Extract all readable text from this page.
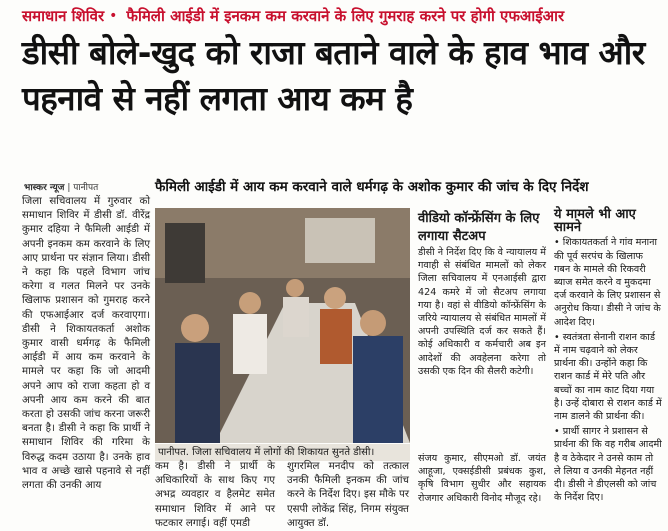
समाधान शिविर • फैमिली आईडी में इनकम कम करवाने के लिए गुमराह करने पर होगी एफआईआर
डीसी बोले-खुद को राजा बताने वाले के हाव भाव और पहनावे से नहीं लगता आय कम है
भास्कर न्यूज | पानीपत	फैमिली आईडी में आय कम करवाने वाले धर्मगढ़ के अशोक कुमार की जांच के दिए निर्देश
जिला सचिवालय में गुरुवार को समाधान शिविर में डीसी डॉ. वीरेंद्र कुमार दहिया ने फैमिली आईडी में अपनी इनकम कम करवाने के लिए आए प्रार्थना पर संज्ञान लिया। डीसी ने कहा कि पहले विभाग जांच करेगा व गलत मिलने पर उनके खिलाफ प्रशासन को गुमराह करने की एफआईआर दर्ज करवाएगा। डीसी ने शिकायतकर्ता अशोक कुमार वासी धर्मगढ़ के फैमिली आईडी में आय कम करवाने के मामले पर कहा कि जो आदमी अपने आप को राजा कहता हो व अपनी आय कम करने की बात करता हो उसकी जांच करना जरूरी बनता है। डीसी ने कहा कि प्रार्थी ने समाधान शिविर की गरिमा के विरुद्ध कदम उठाया है। उनके हाव भाव व अच्छे खासे पहनावे से नहीं लगता की उनकी आय
पानीपत. जिला सचिवालय में लोगों की शिकायत सुनते डीसी।
कम है। डीसी ने प्रार्थी के अधिकारियों के साथ किए गए अभद्र व्यवहार व हैलमेट समेत समाधान शिविर में आने पर फटकार लगाई। वहीं एमडी
शुगरमिल मनदीप को तत्काल उनकी फैमिली इनकम की जांच करने के निर्देश दिए। इस मौके पर एसपी लोकेंद्र सिंह, निगम संयुक्त आयुक्त डॉ.
वीडियो कॉन्फ्रेंसिंग के लिए लगाया सैटअप
डीसी ने निर्देश दिए कि वे न्यायालय में गवाही से संबंधित मामलों को लेकर जिला सचिवालय में एनआईसी द्वारा 424 कमरे में जो सैटअप लगाया गया है। वहां से वीडियो कॉन्फ्रेंसिंग के जरिये न्यायालय से संबंधित मामलों में अपनी उपस्थिति दर्ज कर सकते हैं। कोई अधिकारी व कर्मचारी अब इन आदेशों की अवहेलना करेगा तो उसकी एक दिन की सैलरी कटेगी।
संजय कुमार, सीएमओ डॉ. जयंत आहूजा, एक्सईडीसी प्रबंधक कुश, कृषि विभाग सुधीर और सहायक रोजगार अधिकारी विनोद मौजूद रहे।
ये मामले भी आए सामने
• शिकायतकर्ता ने गांव मनाना की पूर्व सरपंच के खिलाफ गबन के मामले की रिकवरी ब्याज समेत करने व मुकदमा दर्ज करवाने के लिए प्रशासन से अनुरोध किया। डीसी ने जांच के आदेश दिए।
• स्वतंत्रता सेनानी राशन कार्ड में नाम चढ़वाने को लेकर प्रार्थना की। उन्होंने कहा कि राशन कार्ड में मेरे पति और बच्चों का नाम काट दिया गया है। उन्हें दोबारा से राशन कार्ड में नाम डालने की प्रार्थना की।
• प्रार्थी सागर ने प्रशासन से प्रार्थना की कि वह गरीब आदमी है व ठेकेदार ने उनसे काम तो ले लिया व उनकी मेहनत नहीं दी। डीसी ने डीएलसी को जांच के निर्देश दिए।
